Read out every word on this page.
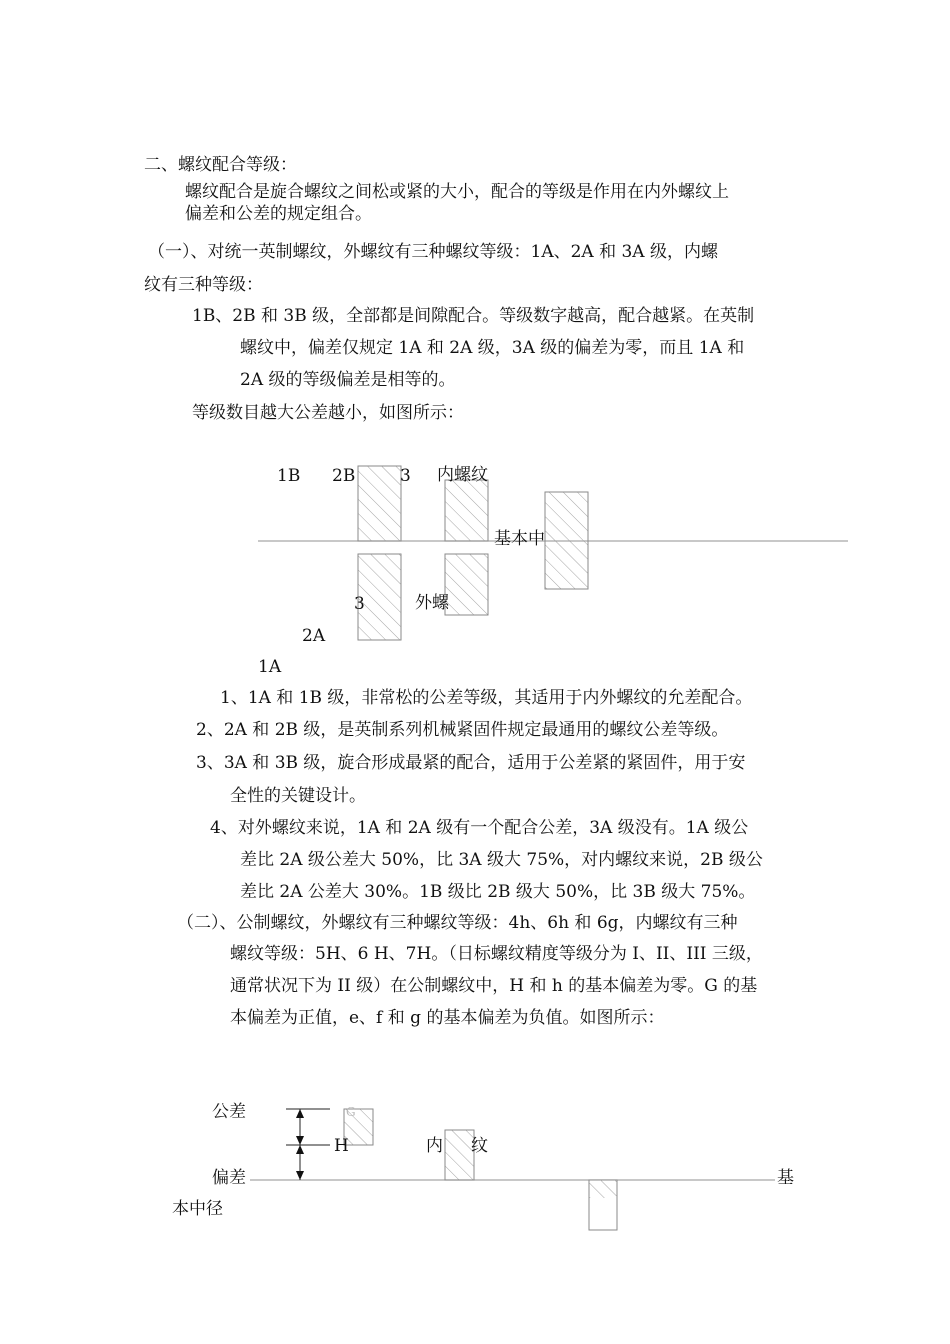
二、螺纹配合等级：
螺纹配合是旋合螺纹之间松或紧的大小，配合的等级是作用在内外螺纹上
偏差和公差的规定组合。
（一）、对统一英制螺纹，外螺纹有三种螺纹等级：1A、2A 和 3A 级，内螺
纹有三种等级：
1B、2B 和 3B 级，全部都是间隙配合。等级数字越高，配合越紧。在英制
螺纹中，偏差仅规定 1A 和 2A 级，3A 级的偏差为零，而且 1A 和
2A 级的等级偏差是相等的。
等级数目越大公差越小，如图所示：
1B 2B	3 内螺纹
基本中
3	外螺
2A
1A
1、1A 和 1B 级，非常松的公差等级，其适用于内外螺纹的允差配合。
2、2A 和 2B 级，是英制系列机械紧固件规定最通用的螺纹公差等级。
3、3A 和 3B 级，旋合形成最紧的配合，适用于公差紧的紧固件，用于安
全性的关键设计。
4、对外螺纹来说，1A 和 2A 级有一个配合公差，3A 级没有。1A 级公
差比 2A 级公差大 50%，比 3A 级大 75%，对内螺纹来说，2B 级公
差比 2A 公差大 30%。1B 级比 2B 级大 50%，比 3B 级大 75%。
（二）、公制螺纹，外螺纹有三种螺纹等级：4h、6h 和 6g，内螺纹有三种
螺纹等级：5H、6 H、7H。（日标螺纹精度等级分为 I、II、III 三级，
通常状况下为 II 级）在公制螺纹中，H 和 h 的基本偏差为零。G 的基
本偏差为正值，e、f 和 g 的基本偏差为负值。如图所示：
公差	G
H	内 纹
偏差	基
本中径
